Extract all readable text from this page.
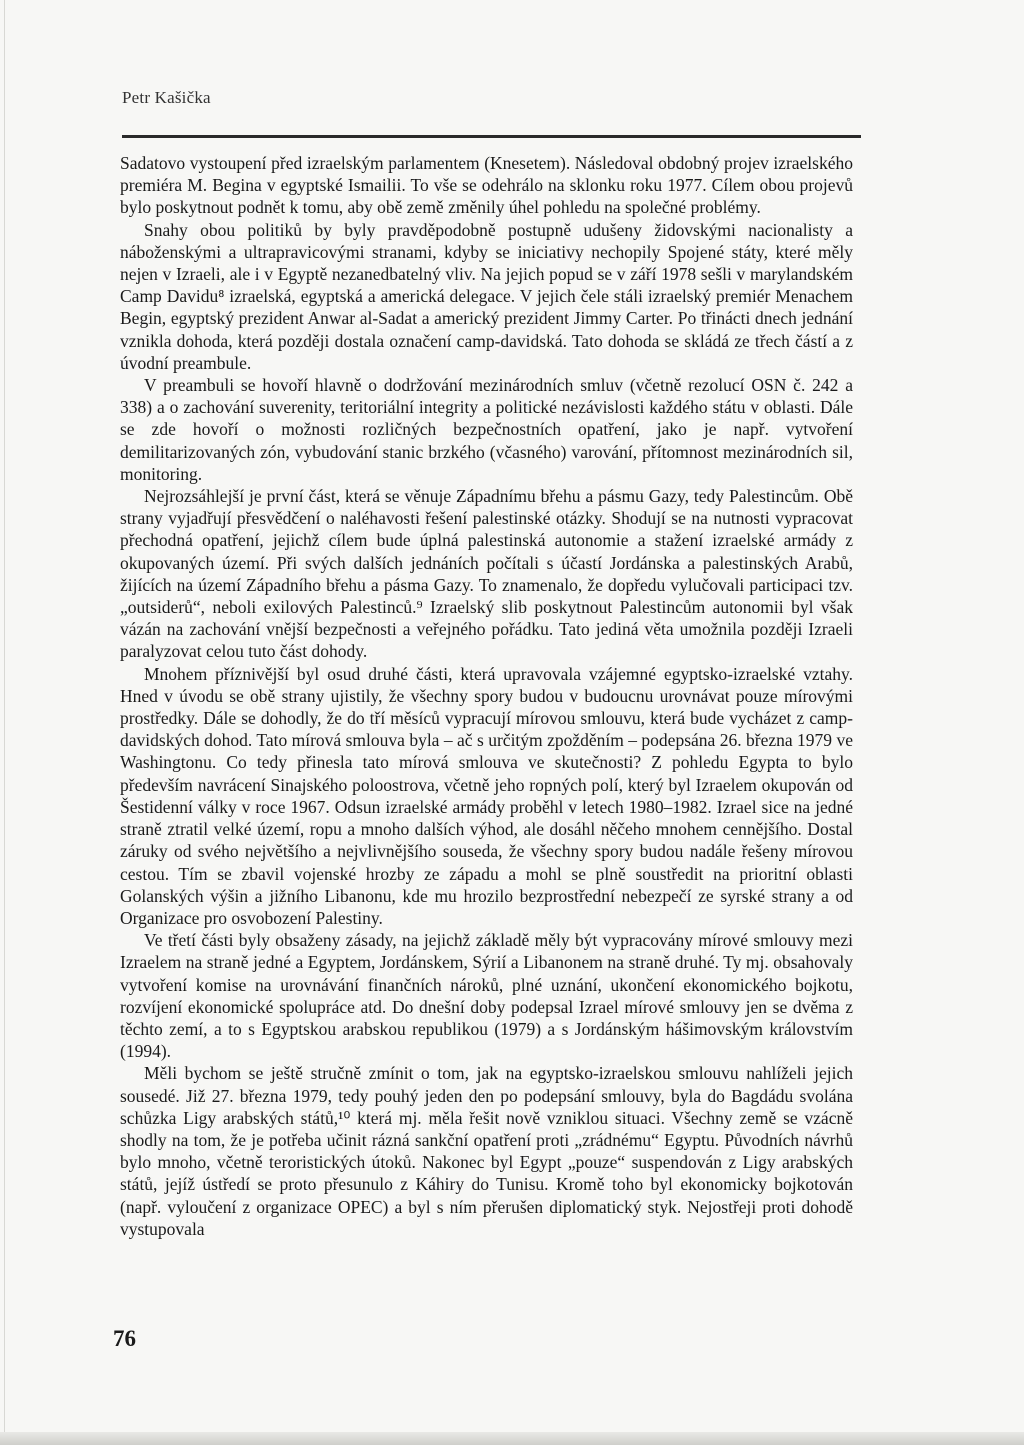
Petr Kašička

Sadatovo vystoupení před izraelským parlamentem (Knesetem). Následoval obdobný projev izraelského premiéra M. Begina v egyptské Ismailii. To vše se odehrálo na sklonku roku 1977. Cílem obou projevů bylo poskytnout podnět k tomu, aby obě země změnily úhel pohledu na společné problémy.

Snahy obou politiků by byly pravděpodobně postupně udušeny židovskými nacionalisty a náboženskými a ultrapravicovými stranami, kdyby se iniciativy nechopily Spojené státy, které měly nejen v Izraeli, ale i v Egyptě nezanedbatelný vliv. Na jejich popud se v září 1978 sešli v marylandském Camp Davidu⁸ izraelská, egyptská a americká delegace. V jejich čele stáli izraelský premiér Menachem Begin, egyptský prezident Anwar al-Sadat a americký prezident Jimmy Carter. Po třinácti dnech jednání vznikla dohoda, která později dostala označení camp-davidská. Tato dohoda se skládá ze třech částí a z úvodní preambule.

V preambuli se hovoří hlavně o dodržování mezinárodních smluv (včetně rezolucí OSN č. 242 a 338) a o zachování suverenity, teritoriální integrity a politické nezávislosti každého státu v oblasti. Dále se zde hovoří o možnosti rozličných bezpečnostních opatření, jako je např. vytvoření demilitarizovaných zón, vybudování stanic brzkého (včasného) varování, přítomnost mezinárodních sil, monitoring.

Nejrozsáhlejší je první část, která se věnuje Západnímu břehu a pásmu Gazy, tedy Palestincům. Obě strany vyjadřují přesvědčení o naléhavosti řešení palestinské otázky. Shodují se na nutnosti vypracovat přechodná opatření, jejichž cílem bude úplná palestinská autonomie a stažení izraelské armády z okupovaných území. Při svých dalších jednáních počítali s účastí Jordánska a palestinských Arabů, žijících na území Západního břehu a pásma Gazy. To znamenalo, že dopředu vylučovali participaci tzv. „outsiderů“, neboli exilových Palestinců.⁹ Izraelský slib poskytnout Palestincům autonomii byl však vázán na zachování vnější bezpečnosti a veřejného pořádku. Tato jediná věta umožnila později Izraeli paralyzovat celou tuto část dohody.

Mnohem příznivější byl osud druhé části, která upravovala vzájemné egyptsko-izraelské vztahy. Hned v úvodu se obě strany ujistily, že všechny spory budou v budoucnu urovnávat pouze mírovými prostředky. Dále se dohodly, že do tří měsíců vypracují mírovou smlouvu, která bude vycházet z camp-davidských dohod. Tato mírová smlouva byla – ač s určitým zpožděním – podepsána 26. března 1979 ve Washingtonu. Co tedy přinesla tato mírová smlouva ve skutečnosti? Z pohledu Egypta to bylo především navrácení Sinajského poloostrova, včetně jeho ropných polí, který byl Izraelem okupován od Šestidenní války v roce 1967. Odsun izraelské armády proběhl v letech 1980–1982. Izrael sice na jedné straně ztratil velké území, ropu a mnoho dalších výhod, ale dosáhl něčeho mnohem cennějšího. Dostal záruky od svého největšího a nejvlivnějšího souseda, že všechny spory budou nadále řešeny mírovou cestou. Tím se zbavil vojenské hrozby ze západu a mohl se plně soustředit na prioritní oblasti Golanských výšin a jižního Libanonu, kde mu hrozilo bezprostřední nebezpečí ze syrské strany a od Organizace pro osvobození Palestiny.

Ve třetí části byly obsaženy zásady, na jejichž základě měly být vypracovány mírové smlouvy mezi Izraelem na straně jedné a Egyptem, Jordánskem, Sýrií a Libanonem na straně druhé. Ty mj. obsahovaly vytvoření komise na urovnávání finančních nároků, plné uznání, ukončení ekonomického bojkotu, rozvíjení ekonomické spolupráce atd. Do dnešní doby podepsal Izrael mírové smlouvy jen se dvěma z těchto zemí, a to s Egyptskou arabskou republikou (1979) a s Jordánským hášimovským královstvím (1994).

Měli bychom se ještě stručně zmínit o tom, jak na egyptsko-izraelskou smlouvu nahlíželi jejich sousedé. Již 27. března 1979, tedy pouhý jeden den po podepsání smlouvy, byla do Bagdádu svolána schůzka Ligy arabských států,¹⁰ která mj. měla řešit nově vzniklou situaci. Všechny země se vzácně shodly na tom, že je potřeba učinit rázná sankční opatření proti „zrádnému“ Egyptu. Původních návrhů bylo mnoho, včetně teroristických útoků. Nakonec byl Egypt „pouze“ suspendován z Ligy arabských států, jejíž ústředí se proto přesunulo z Káhiry do Tunisu. Kromě toho byl ekonomicky bojkotován (např. vyloučení z organizace OPEC) a byl s ním přerušen diplomatický styk. Nejostřeji proti dohodě vystupovala

76
